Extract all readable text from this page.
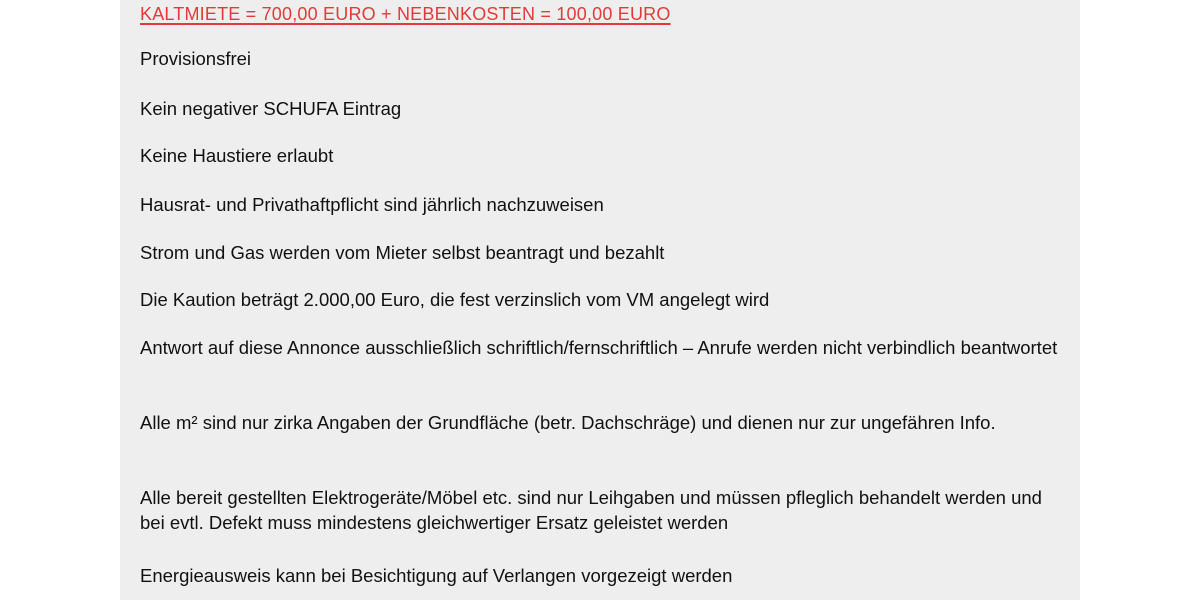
KALTMIETE = 700,00 EURO + NEBENKOSTEN = 100,00 EURO
Provisionsfrei
Kein negativer SCHUFA Eintrag
Keine Haustiere erlaubt
Hausrat- und Privathaftpflicht sind jährlich nachzuweisen
Strom und Gas werden vom Mieter selbst beantragt und bezahlt
Die Kaution beträgt 2.000,00 Euro, die fest verzinslich vom VM angelegt wird
Antwort auf diese Annonce ausschließlich schriftlich/fernschriftlich – Anrufe werden nicht verbindlich beantwortet
Alle m² sind nur zirka Angaben der Grundfläche (betr. Dachschräge) und dienen nur zur ungefähren Info.
Alle bereit gestellten Elektrogeräte/Möbel etc. sind nur Leihgaben und müssen pfleglich behandelt werden und bei evtl. Defekt muss mindestens gleichwertiger Ersatz geleistet werden
Energieausweis kann bei Besichtigung auf Verlangen vorgezeigt werden
